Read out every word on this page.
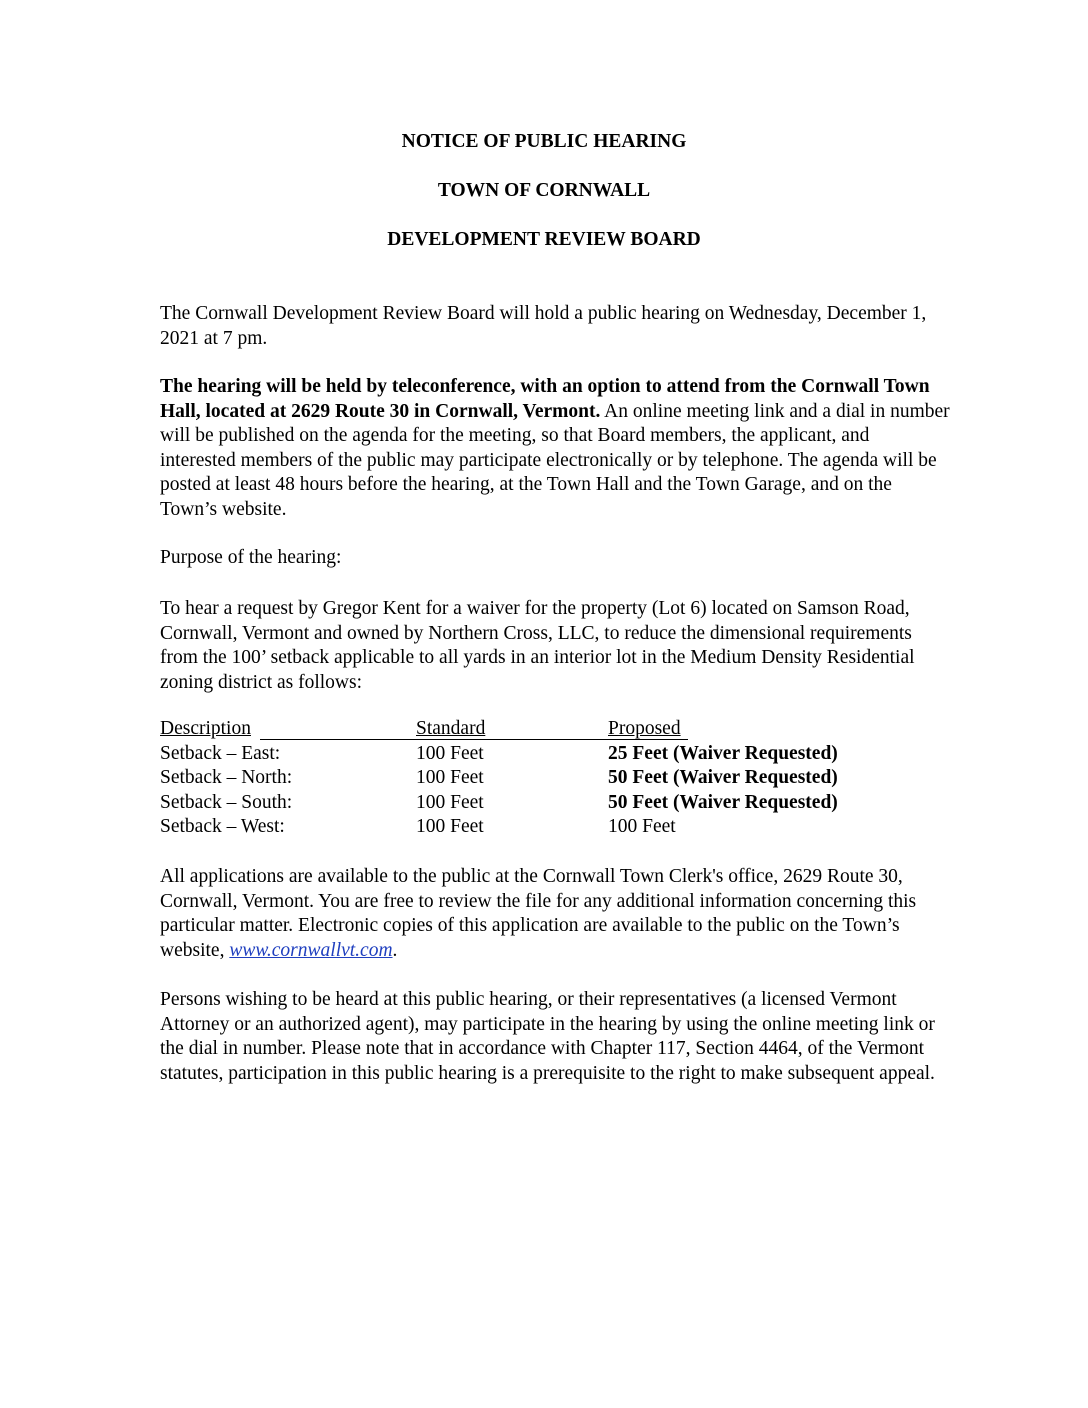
NOTICE OF PUBLIC HEARING

TOWN OF CORNWALL

DEVELOPMENT REVIEW BOARD

The Cornwall Development Review Board will hold a public hearing on Wednesday, December 1, 2021 at 7 pm.

The hearing will be held by teleconference, with an option to attend from the Cornwall Town Hall, located at 2629 Route 30 in Cornwall, Vermont. An online meeting link and a dial in number will be published on the agenda for the meeting, so that Board members, the applicant, and interested members of the public may participate electronically or by telephone. The agenda will be posted at least 48 hours before the hearing, at the Town Hall and the Town Garage, and on the Town’s website.

Purpose of the hearing:

To hear a request by Gregor Kent for a waiver for the property (Lot 6) located on Samson Road, Cornwall, Vermont and owned by Northern Cross, LLC, to reduce the dimensional requirements from the 100’ setback applicable to all yards in an interior lot in the Medium Density Residential zoning district as follows:

Description	Standard	Proposed
Setback – East:	100 Feet	25 Feet (Waiver Requested)
Setback – North:	100 Feet	50 Feet (Waiver Requested)
Setback – South:	100 Feet	50 Feet (Waiver Requested)
Setback – West:	100 Feet	100 Feet

All applications are available to the public at the Cornwall Town Clerk's office, 2629 Route 30, Cornwall, Vermont. You are free to review the file for any additional information concerning this particular matter. Electronic copies of this application are available to the public on the Town’s website, www.cornwallvt.com.

Persons wishing to be heard at this public hearing, or their representatives (a licensed Vermont Attorney or an authorized agent), may participate in the hearing by using the online meeting link or the dial in number. Please note that in accordance with Chapter 117, Section 4464, of the Vermont statutes, participation in this public hearing is a prerequisite to the right to make subsequent appeal.
